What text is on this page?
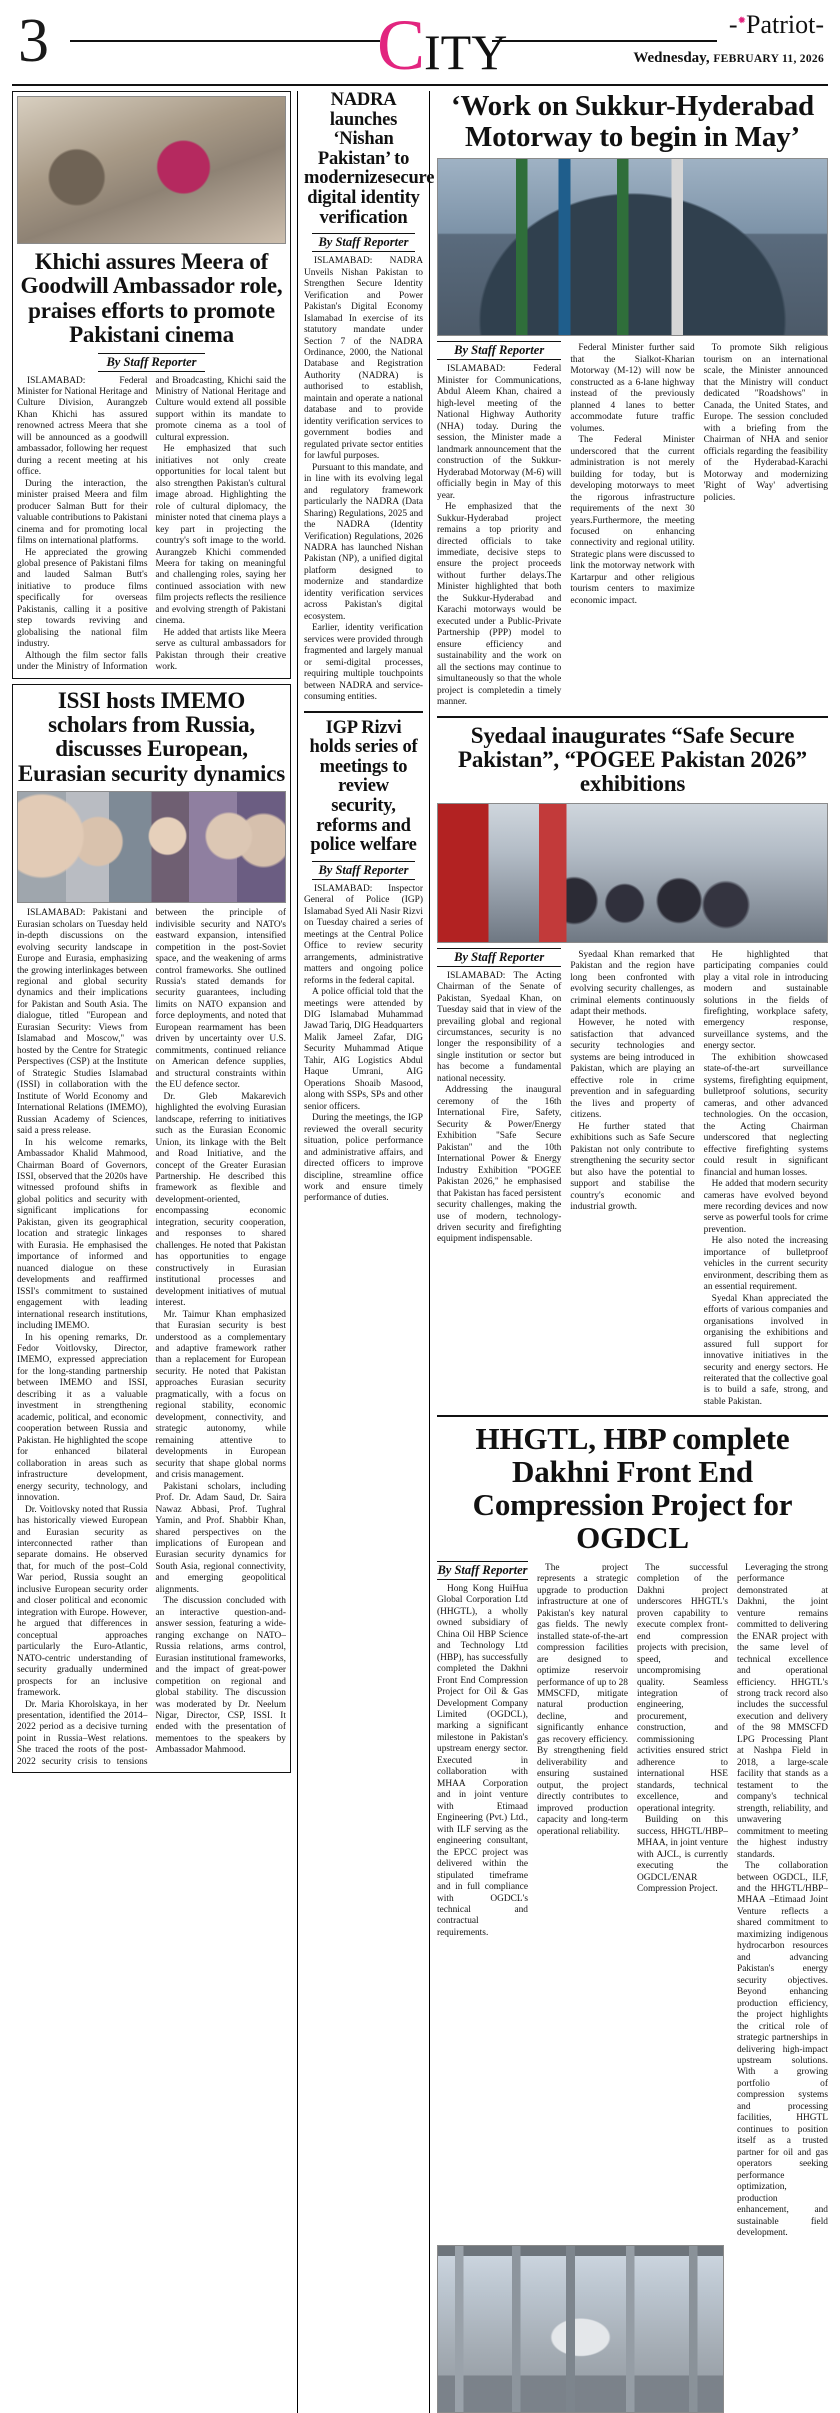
3	CITY	-✹Patriot-
Wednesday, FEBRUARY 11, 2026
Khichi assures Meera of Goodwill Ambassador role, praises efforts to promote Pakistani cinema
By Staff Reporter

ISLAMABAD: Federal Minister for National Heritage and Culture Division, Aurangzeb Khan Khichi has assured renowned actress Meera that she will be announced as a goodwill ambassador, following her request during a recent meeting at his office.

During the interaction, the minister praised Meera and film producer Salman Butt for their valuable contributions to Pakistani cinema and for promoting local films on international platforms.

He appreciated the growing global presence of Pakistani films and lauded Salman Butt's initiative to produce films specifically for overseas Pakistanis, calling it a positive step towards reviving and globalising the national film industry.

Although the film sector falls under the Ministry of Information and Broadcasting, Khichi said the Ministry of National Heritage and Culture would extend all possible support within its mandate to promote cinema as a tool of cultural expression.

He emphasized that such initiatives not only create opportunities for local talent but also strengthen Pakistan's cultural image abroad. Highlighting the role of cultural diplomacy, the minister noted that cinema plays a key part in projecting the country's soft image to the world. Aurangzeb Khichi commended Meera for taking on meaningful and challenging roles, saying her continued association with new film projects reflects the resilience and evolving strength of Pakistani cinema.

He added that artists like Meera serve as cultural ambassadors for Pakistan through their creative work.

ISSI hosts IMEMO scholars from Russia, discusses European, Eurasian security dynamics

ISLAMABAD: Pakistani and Eurasian scholars on Tuesday held in-depth discussions on the evolving security landscape in Europe and Eurasia, emphasizing the growing interlinkages between regional and global security dynamics and their implications for Pakistan and South Asia. The dialogue, titled "European and Eurasian Security: Views from Islamabad and Moscow," was hosted by the Centre for Strategic Perspectives (CSP) at the Institute of Strategic Studies Islamabad (ISSI) in collaboration with the Institute of World Economy and International Relations (IMEMO), Russian Academy of Sciences, said a press release.

In his welcome remarks, Ambassador Khalid Mahmood, Chairman Board of Governors, ISSI, observed that the 2020s have witnessed profound shifts in global politics and security with significant implications for Pakistan, given its geographical location and strategic linkages with Eurasia. He emphasised the importance of informed and nuanced dialogue on these developments and reaffirmed ISSI's commitment to sustained engagement with leading international research institutions, including IMEMO.

In his opening remarks, Dr. Fedor Voitlovsky, Director, IMEMO, expressed appreciation for the long-standing partnership between IMEMO and ISSI, describing it as a valuable investment in strengthening academic, political, and economic cooperation between Russia and Pakistan. He highlighted the scope for enhanced bilateral collaboration in areas such as infrastructure development, energy security, technology, and innovation.

Dr. Voitlovsky noted that Russia has historically viewed European and Eurasian security as interconnected rather than separate domains. He observed that, for much of the post–Cold War period, Russia sought an inclusive European security order and closer political and economic integration with Europe. However, he argued that differences in conceptual approaches particularly the Euro-Atlantic, NATO-centric understanding of security gradually undermined prospects for an inclusive framework.

Dr. Maria Khorolskaya, in her presentation, identified the 2014–2022 period as a decisive turning point in Russia–West relations. She traced the roots of the post-2022 security crisis to tensions between the principle of indivisible security and NATO's eastward expansion, intensified competition in the post-Soviet space, and the weakening of arms control frameworks. She outlined Russia's stated demands for security guarantees, including limits on NATO expansion and force deployments, and noted that European rearmament has been driven by uncertainty over U.S. commitments, continued reliance on American defence supplies, and structural constraints within the EU defence sector.

Dr. Gleb Makarevich highlighted the evolving Eurasian landscape, referring to initiatives such as the Eurasian Economic Union, its linkage with the Belt and Road Initiative, and the concept of the Greater Eurasian Partnership. He described this framework as flexible and development-oriented, encompassing economic integration, security cooperation, and responses to shared challenges. He noted that Pakistan has opportunities to engage constructively in Eurasian institutional processes and development initiatives of mutual interest.

Mr. Taimur Khan emphasized that Eurasian security is best understood as a complementary and adaptive framework rather than a replacement for European security. He noted that Pakistan approaches Eurasian security pragmatically, with a focus on regional stability, economic development, connectivity, and strategic autonomy, while remaining attentive to developments in European security that shape global norms and crisis management.

Pakistani scholars, including Prof. Dr. Adam Saud, Dr. Saira Nawaz Abbasi, Prof. Tughral Yamin, and Prof. Shabbir Khan, shared perspectives on the implications of European and Eurasian security dynamics for South Asia, regional connectivity, and emerging geopolitical alignments.

The discussion concluded with an interactive question-and-answer session, featuring a wide-ranging exchange on NATO–Russia relations, arms control, Eurasian institutional frameworks, and the impact of great-power competition on regional and global stability. The discussion was moderated by Dr. Neelum Nigar, Director, CSP, ISSI. It ended with the presentation of mementoes to the speakers by Ambassador Mahmood.

NADRA launches ‘Nishan Pakistan’ to modernizesecure digital identity verification
By Staff Reporter

ISLAMABAD: NADRA Unveils Nishan Pakistan to Strengthen Secure Identity Verification and Power Pakistan's Digital Economy Islamabad In exercise of its statutory mandate under Section 7 of the NADRA Ordinance, 2000, the National Database and Registration Authority (NADRA) is authorised to establish, maintain and operate a national database and to provide identity verification services to government bodies and regulated private sector entities for lawful purposes.

Pursuant to this mandate, and in line with its evolving legal and regulatory framework particularly the NADRA (Data Sharing) Regulations, 2025 and the NADRA (Identity Verification) Regulations, 2026 NADRA has launched Nishan Pakistan (NP), a unified digital platform designed to modernize and standardize identity verification services across Pakistan's digital ecosystem.

Earlier, identity verification services were provided through fragmented and largely manual or semi-digital processes, requiring multiple touchpoints between NADRA and service-consuming entities.

IGP Rizvi holds series of meetings to review security, reforms and police welfare
By Staff Reporter

ISLAMABAD: Inspector General of Police (IGP) Islamabad Syed Ali Nasir Rizvi on Tuesday chaired a series of meetings at the Central Police Office to review security arrangements, administrative matters and ongoing police reforms in the federal capital.

A police official told that the meetings were attended by DIG Islamabad Muhammad Jawad Tariq, DIG Headquarters Malik Jameel Zafar, DIG Security Muhammad Atique Tahir, AIG Logistics Abdul Haque Umrani, AIG Operations Shoaib Masood, along with SSPs, SPs and other senior officers.

During the meetings, the IGP reviewed the overall security situation, police performance and administrative affairs, and directed officers to improve discipline, streamline office work and ensure timely performance of duties.

‘Work on Sukkur-Hyderabad Motorway to begin in May’
By Staff Reporter

ISLAMABAD: Federal Minister for Communications, Abdul Aleem Khan, chaired a high-level meeting of the National Highway Authority (NHA) today. During the session, the Minister made a landmark announcement that the construction of the Sukkur-Hyderabad Motorway (M-6) will officially begin in May of this year.

He emphasized that the Sukkur-Hyderabad project remains a top priority and directed officials to take immediate, decisive steps to ensure the project proceeds without further delays.The Minister highlighted that both the Sukkur-Hyderabad and Karachi motorways would be executed under a Public-Private Partnership (PPP) model to ensure efficiency and sustainability and the work on all the sections may continue to simultaneously so that the whole project is completedin a timely manner.

Federal Minister further said that the Sialkot-Kharian Motorway (M-12) will now be constructed as a 6-lane highway instead of the previously planned 4 lanes to better accommodate future traffic volumes.

The Federal Minister underscored that the current administration is not merely building for today, but is developing motorways to meet the rigorous infrastructure requirements of the next 30 years.Furthermore, the meeting focused on enhancing connectivity and regional utility. Strategic plans were discussed to link the motorway network with Kartarpur and other religious tourism centers to maximize economic impact.

To promote Sikh religious tourism on an international scale, the Minister announced that the Ministry will conduct dedicated "Roadshows" in Canada, the United States, and Europe. The session concluded with a briefing from the Chairman of NHA and senior officials regarding the feasibility of the Hyderabad-Karachi Motorway and modernizing 'Right of Way' advertising policies.

Syedaal inaugurates “Safe Secure Pakistan”, “POGEE Pakistan 2026” exhibitions
By Staff Reporter

ISLAMABAD: The Acting Chairman of the Senate of Pakistan, Syedaal Khan, on Tuesday said that in view of the prevailing global and regional circumstances, security is no longer the responsibility of a single institution or sector but has become a fundamental national necessity.

Addressing the inaugural ceremony of the 16th International Fire, Safety, Security & Power/Energy Exhibition "Safe Secure Pakistan" and the 10th International Power & Energy Industry Exhibition "POGEE Pakistan 2026," he emphasised that Pakistan has faced persistent security challenges, making the use of modern, technology-driven security and firefighting equipment indispensable.

Syedaal Khan remarked that Pakistan and the region have long been confronted with evolving security challenges, as criminal elements continuously adapt their methods.

However, he noted with satisfaction that advanced security technologies and systems are being introduced in Pakistan, which are playing an effective role in crime prevention and in safeguarding the lives and property of citizens.

He further stated that exhibitions such as Safe Secure Pakistan not only contribute to strengthening the security sector but also have the potential to support and stabilise the country's economic and industrial growth.

He highlighted that participating companies could play a vital role in introducing modern and sustainable solutions in the fields of firefighting, workplace safety, emergency response, surveillance systems, and the energy sector.

The exhibition showcased state-of-the-art surveillance systems, firefighting equipment, bulletproof solutions, security cameras, and other advanced technologies. On the occasion, the Acting Chairman underscored that neglecting effective firefighting systems could result in significant financial and human losses.

He added that modern security cameras have evolved beyond mere recording devices and now serve as powerful tools for crime prevention.

He also noted the increasing importance of bulletproof vehicles in the current security environment, describing them as an essential requirement.

Syedal Khan appreciated the efforts of various companies and organisations involved in organising the exhibitions and assured full support for innovative initiatives in the security and energy sectors. He reiterated that the collective goal is to build a safe, strong, and stable Pakistan.

HHGTL, HBP complete Dakhni Front End Compression Project for OGDCL
By Staff Reporter

Hong Kong HuiHua Global Corporation Ltd (HHGTL), a wholly owned subsidiary of China Oil HBP Science and Technology Ltd (HBP), has successfully completed the Dakhni Front End Compression Project for Oil & Gas Development Company Limited (OGDCL), marking a significant milestone in Pakistan's upstream energy sector. Executed in collaboration with MHAA Corporation and in joint venture with Etimaad Engineering (Pvt.) Ltd., with ILF serving as the engineering consultant, the EPCC project was delivered within the stipulated timeframe and in full compliance with OGDCL's technical and contractual requirements.

The project represents a strategic upgrade to production infrastructure at one of Pakistan's key natural gas fields. The newly installed state-of-the-art compression facilities are designed to optimize reservoir performance of up to 28 MMSCFD, mitigate natural production decline, and significantly enhance gas recovery efficiency. By strengthening field deliverability and ensuring sustained output, the project directly contributes to improved production capacity and long-term operational reliability.

The successful completion of the Dakhni project underscores HHGTL's proven capability to execute complex front-end compression projects with precision, speed, and uncompromising quality. Seamless integration of engineering, procurement, construction, and commissioning activities ensured strict adherence to international HSE standards, technical excellence, and operational integrity.

Building on this success, HHGTL/HBP–MHAA, in joint venture with AJCL, is currently executing the OGDCL/ENAR Compression Project.

Leveraging the strong performance demonstrated at Dakhni, the joint venture remains committed to delivering the ENAR project with the same level of technical excellence and operational efficiency. HHGTL's strong track record also includes the successful execution and delivery of the 98 MMSCFD LPG Processing Plant at Nashpa Field in 2018, a large-scale facility that stands as a testament to the company's technical strength, reliability, and unwavering commitment to meeting the highest industry standards.

The collaboration between OGDCL, ILF, and the HHGTL/HBP–MHAA –Etimaad Joint Venture reflects a shared commitment to maximizing indigenous hydrocarbon resources and advancing Pakistan's energy security objectives. Beyond enhancing production efficiency, the project highlights the critical role of strategic partnerships in delivering high-impact upstream solutions. With a growing portfolio of compression systems and processing facilities, HHGTL continues to position itself as a trusted partner for oil and gas operators seeking performance optimization, production enhancement, and sustainable field development.
